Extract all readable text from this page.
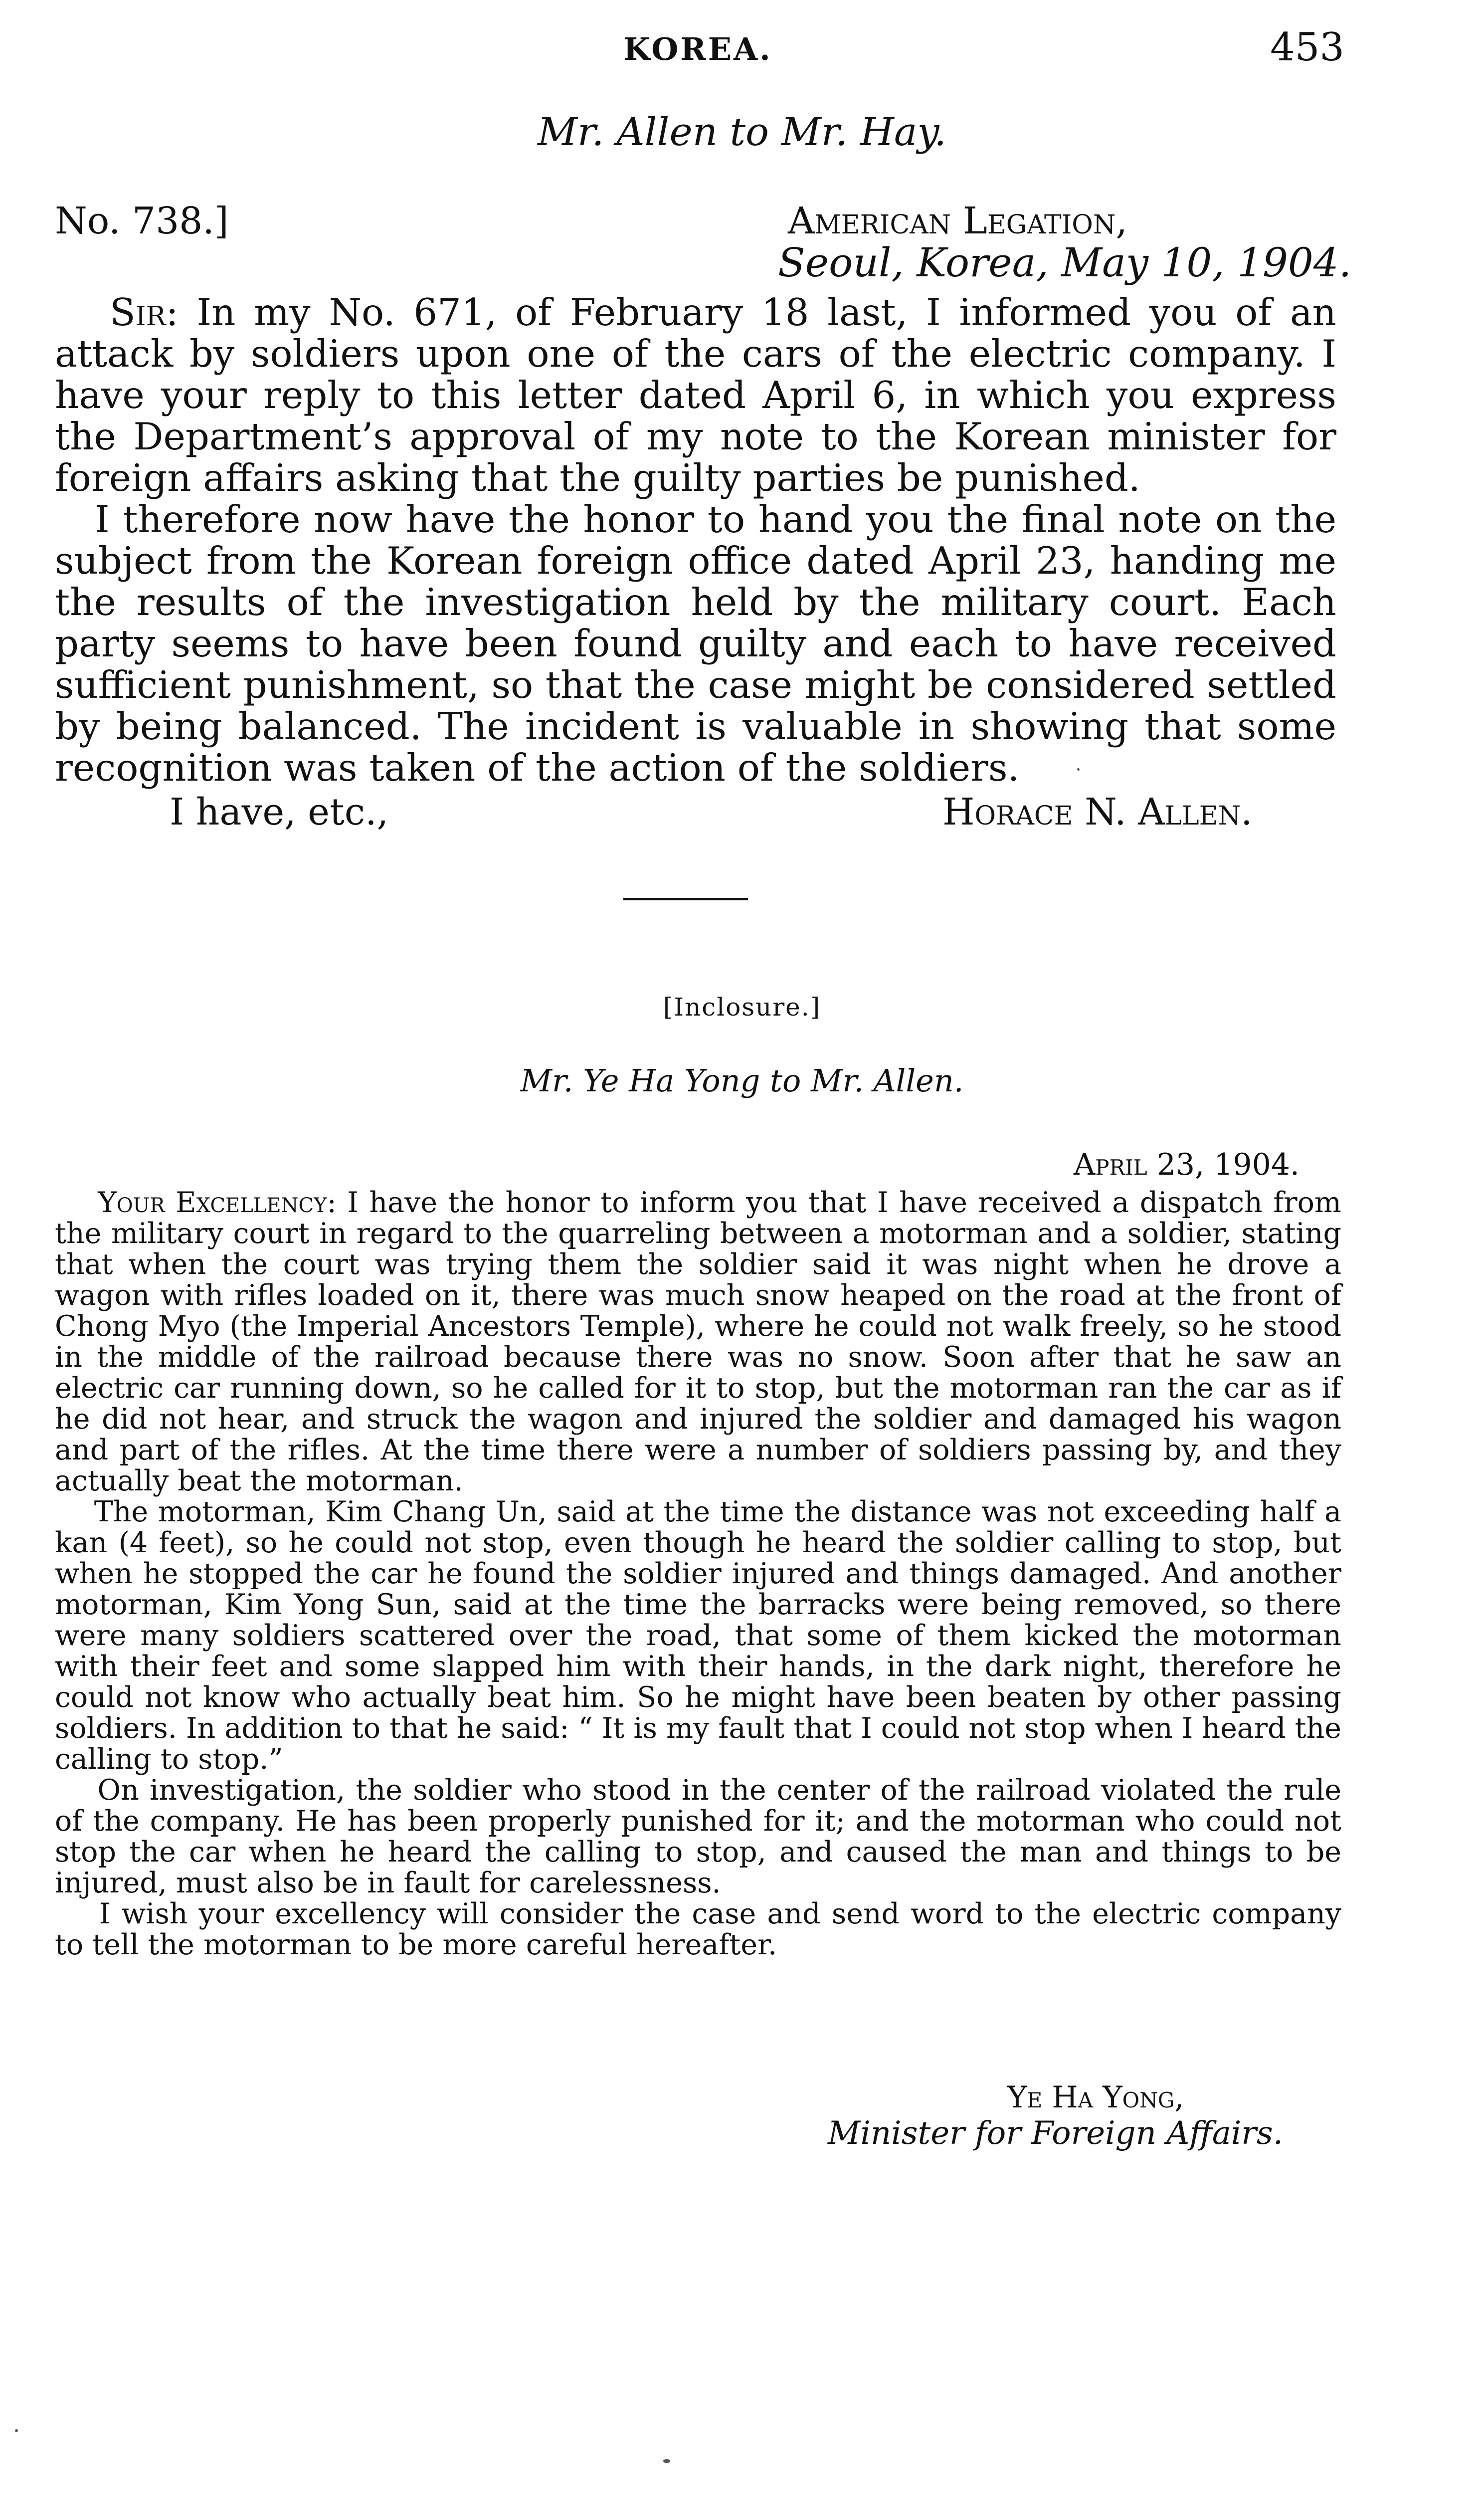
KOREA.	453
Mr. Allen to Mr. Hay.
No. 738.]	American Legation,
Seoul, Korea, May 10, 1904.

Sir: In my No. 671, of February 18 last, I informed you of an attack by soldiers upon one of the cars of the electric company. I have your reply to this letter dated April 6, in which you express the Department’s approval of my note to the Korean minister for foreign affairs asking that the guilty parties be punished.

I therefore now have the honor to hand you the final note on the subject from the Korean foreign office dated April 23, handing me the results of the investigation held by the military court. Each party seems to have been found guilty and each to have received sufficient punishment, so that the case might be considered settled by being balanced. The incident is valuable in showing that some recognition was taken of the action of the soldiers.

I have, etc.,	Horace N. Allen.
[Inclosure.]
Mr. Ye Ha Yong to Mr. Allen.
April 23, 1904.

Your Excellency: I have the honor to inform you that I have received a dispatch from the military court in regard to the quarreling between a motorman and a soldier, stating that when the court was trying them the soldier said it was night when he drove a wagon with rifles loaded on it, there was much snow heaped on the road at the front of Chong Myo (the Imperial Ancestors Temple), where he could not walk freely, so he stood in the middle of the railroad because there was no snow. Soon after that he saw an electric car running down, so he called for it to stop, but the motorman ran the car as if he did not hear, and struck the wagon and injured the soldier and damaged his wagon and part of the rifles. At the time there were a number of soldiers passing by, and they actually beat the motorman.

The motorman, Kim Chang Un, said at the time the distance was not exceeding half a kan (4 feet), so he could not stop, even though he heard the soldier calling to stop, but when he stopped the car he found the soldier injured and things damaged. And another motorman, Kim Yong Sun, said at the time the barracks were being removed, so there were many soldiers scattered over the road, that some of them kicked the motorman with their feet and some slapped him with their hands, in the dark night, therefore he could not know who actually beat him. So he might have been beaten by other passing soldiers. In addition to that he said: “ It is my fault that I could not stop when I heard the calling to stop.”

On investigation, the soldier who stood in the center of the railroad violated the rule of the company. He has been properly punished for it; and the motorman who could not stop the car when he heard the calling to stop, and caused the man and things to be injured, must also be in fault for carelessness.

I wish your excellency will consider the case and send word to the electric company to tell the motorman to be more careful hereafter.

Ye Ha Yong,
Minister for Foreign Affairs.
